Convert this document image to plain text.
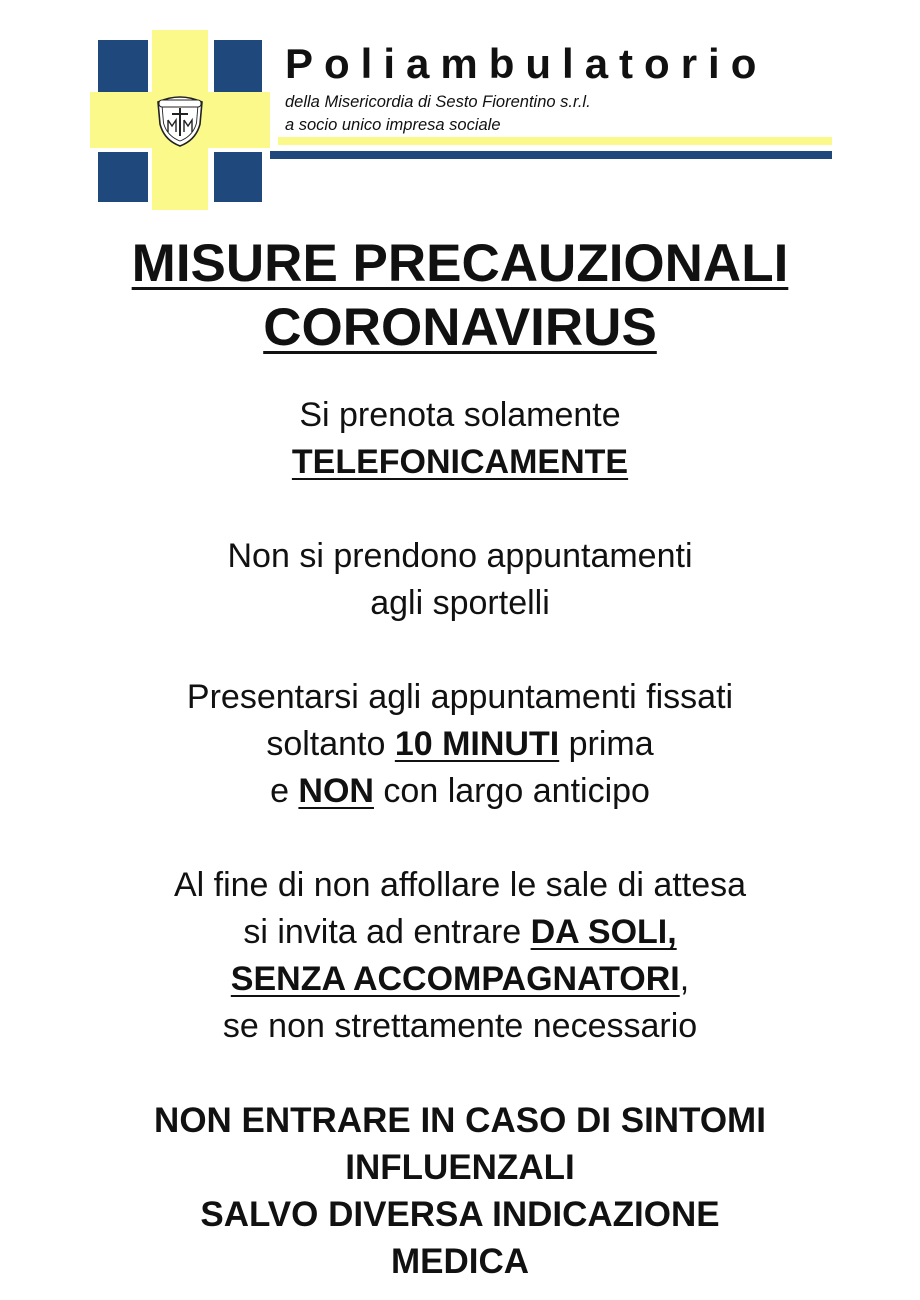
Poliambulatorio
della Misericordia di Sesto Fiorentino s.r.l.
a socio unico impresa sociale
MISURE PRECAUZIONALI
CORONAVIRUS

Si prenota solamente
TELEFONICAMENTE

Non si prendono appuntamenti
agli sportelli

Presentarsi agli appuntamenti fissati
soltanto 10 MINUTI prima
e NON con largo anticipo

Al fine di non affollare le sale di attesa
si invita ad entrare DA SOLI,
SENZA ACCOMPAGNATORI,
se non strettamente necessario

NON ENTRARE IN CASO DI SINTOMI
INFLUENZALI
SALVO DIVERSA INDICAZIONE
MEDICA
